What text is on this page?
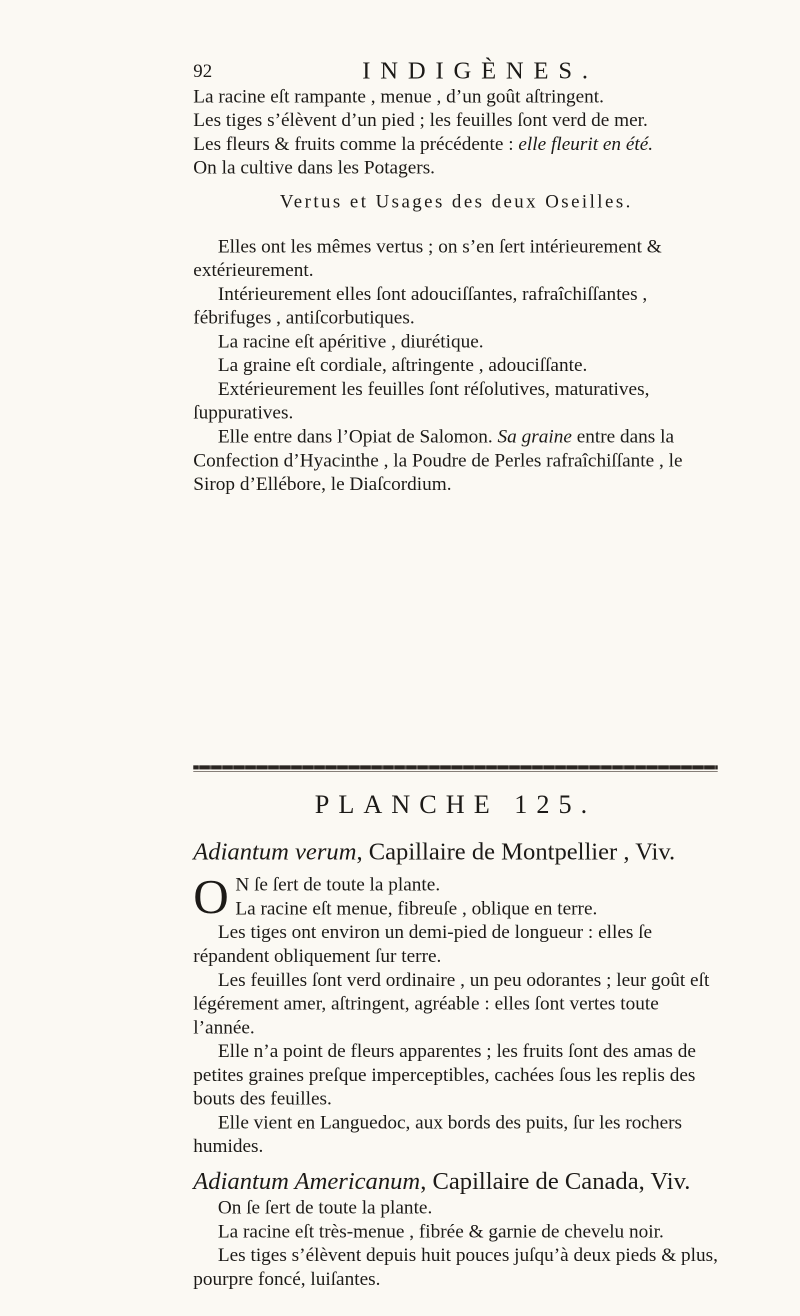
92	INDIGÈNES.

La racine eſt rampante , menue , d’un goût aſtringent.

Les tiges s’élèvent d’un pied ; les feuilles ſont verd de mer.

Les fleurs & fruits comme la précédente : elle fleurit en été.

On la cultive dans les Potagers.

Vertus et Usages des deux Oseilles.

Elles ont les mêmes vertus ; on s’en ſert intérieurement & extérieurement.

Intérieurement elles ſont adouciſſantes, rafraîchiſſantes , fébrifuges , antiſcorbutiques.

La racine eſt apéritive , diurétique.

La graine eſt cordiale, aſtringente , adouciſſante.

Extérieurement les feuilles ſont réſolutives, maturatives, ſuppuratives.

Elle entre dans l’Opiat de Salomon. Sa graine entre dans la Confection d’Hyacinthe , la Poudre de Perles rafraîchiſſante , le Sirop d’Ellébore, le Diaſcordium.

PLANCHE 125.

Adiantum verum, Capillaire de Montpellier , Viv.

O N ſe ſert de toute la plante.

La racine eſt menue, fibreuſe , oblique en terre.

Les tiges ont environ un demi-pied de longueur : elles ſe répandent obliquement ſur terre.

Les feuilles ſont verd ordinaire , un peu odorantes ; leur goût eſt légérement amer, aſtringent, agréable : elles ſont vertes toute l’année.

Elle n’a point de fleurs apparentes ; les fruits ſont des amas de petites graines preſque imperceptibles, cachées ſous les replis des bouts des feuilles.

Elle vient en Languedoc, aux bords des puits, ſur les rochers humides.

Adiantum Americanum, Capillaire de Canada, Viv.

On ſe ſert de toute la plante.

La racine eſt très-menue , fibrée & garnie de chevelu noir.

Les tiges s’élèvent depuis huit pouces juſqu’à deux pieds & plus, pourpre foncé, luiſantes.
